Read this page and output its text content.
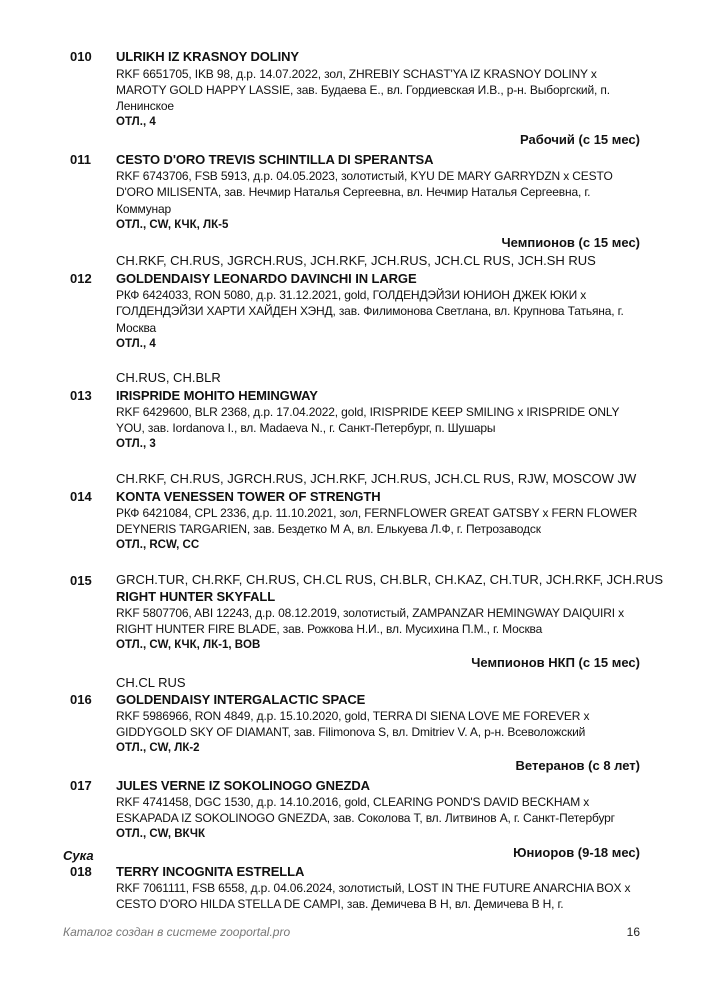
010	ULRIKH IZ KRASNOY DOLINY
RKF 6651705, IKB 98, д.р. 14.07.2022, зол, ZHREBIY SCHAST'YA IZ KRASNOY DOLINY x
MAROTY GOLD HAPPY LASSIE, зав. Будаева Е., вл. Гордиевская И.В., р-н. Выборгский, п.
Ленинское
ОТЛ., 4
Рабочий (с 15 мес)
011	CESTO D'ORO TREVIS SCHINTILLA DI SPERANTSA
RKF 6743706, FSB 5913, д.р. 04.05.2023, золотистый, KYU DE MARY GARRYDZN x CESTO
D'ORO MILISENTA, зав. Нечмир Наталья Сергеевна, вл. Нечмир Наталья Сергеевна, г.
Коммунар
ОТЛ., CW, КЧК, ЛК-5
Чемпионов (с 15 мес)
CH.RKF, CH.RUS, JGRCH.RUS, JCH.RKF, JCH.RUS, JCH.CL RUS, JCH.SH RUS
012	GOLDENDAISY LEONARDO DAVINCHI IN LARGE
РКФ 6424033, RON 5080, д.р. 31.12.2021, gold, ГОЛДЕНДЭЙЗИ ЮНИОН ДЖЕК ЮКИ x
ГОЛДЕНДЭЙЗИ ХАРТИ ХАЙДЕН ХЭНД, зав. Филимонова Светлана, вл. Крупнова Татьяна, г.
Москва
ОТЛ., 4
CH.RUS, CH.BLR
013	IRISPRIDE MOHITO HEMINGWAY
RKF 6429600, BLR 2368, д.р. 17.04.2022, gold, IRISPRIDE KEEP SMILING x IRISPRIDE ONLY
YOU, зав. Iordanova I., вл. Madaeva N., г. Санкт-Петербург, п. Шушары
ОТЛ., 3
CH.RKF, CH.RUS, JGRCH.RUS, JCH.RKF, JCH.RUS, JCH.CL RUS, RJW, MOSCOW JW
014	KONTA VENESSEN TOWER OF STRENGTH
РКФ 6421084, CPL 2336, д.р. 11.10.2021, зол, FERNFLOWER GREAT GATSBY x FERN FLOWER
DEYNERIS TARGARIEN, зав. Бездетко М А, вл. Елькуева Л.Ф, г. Петрозаводск
ОТЛ., RCW, CC
GRCH.TUR, CH.RKF, CH.RUS, CH.CL RUS, CH.BLR, CH.KAZ, CH.TUR, JCH.RKF, JCH.RUS
015
RIGHT HUNTER SKYFALL
RKF 5807706, ABI 12243, д.р. 08.12.2019, золотистый, ZAMPANZAR HEMINGWAY DAIQUIRI x
RIGHT HUNTER FIRE BLADE, зав. Рожкова Н.И., вл. Мусихина П.М., г. Москва
ОТЛ., CW, КЧК, ЛК-1, BOB
Чемпионов НКП (с 15 мес)
CH.CL RUS
016	GOLDENDAISY INTERGALACTIC SPACE
RKF 5986966, RON 4849, д.р. 15.10.2020, gold, TERRA DI SIENA LOVE ME FOREVER x
GIDDYGOLD SKY OF DIAMANT, зав. Filimonova S, вл. Dmitriev V. A, р-н. Всеволожский
ОТЛ., CW, ЛК-2
Ветеранов (с 8 лет)
017	JULES VERNE IZ SOKOLINOGO GNEZDA
RKF 4741458, DGC 1530, д.р. 14.10.2016, gold, CLEARING POND'S DAVID BECKHAM x
ESKAPADA IZ SOKOLINOGO GNEZDA, зав. Соколова Т, вл. Литвинов А, г. Санкт-Петербург
ОТЛ., CW, ВКЧК
Юниоров (9-18 мес)
Сука
018	TERRY INCOGNITA ESTRELLA
RKF 7061111, FSB 6558, д.р. 04.06.2024, золотистый, LOST IN THE FUTURE ANARCHIA BOX x
CESTO D'ORO HILDA STELLA DE CAMPI, зав. Демичева В Н, вл. Демичева В Н, г.
Каталог создан в системе zooportal.pro	16
